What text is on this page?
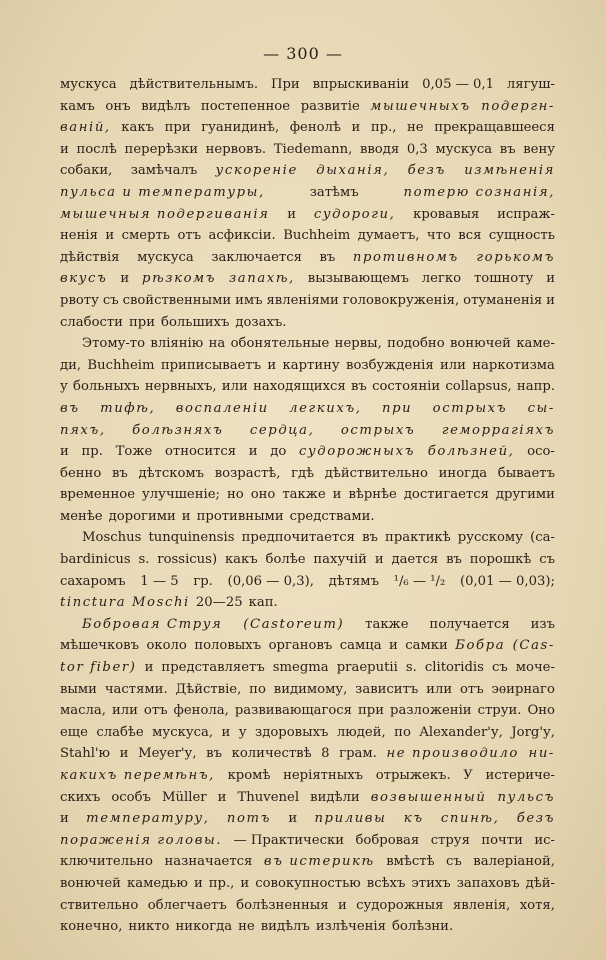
— 300 —
мускуса дѣйствительнымъ. При впрыскиваніи 0,05 — 0,1 лягуш-
камъ онъ видѣлъ постепенное развитіе мышечныхъ подергн-
ваній, какъ при гуанидинѣ, фенолѣ и пр., не прекращавшееся
и послѣ перерѣзки нервовъ. Tiedemann, вводя 0,3 мускуса въ вену
собаки, замѣчалъ ускореніе дыханія, безъ измѣненія
пульса и температуры,	затѣмъ	потерю сознанія,
мышечныя подергиванія и судороги, кровавыя испраж-
ненія и смерть отъ асфиксіи. Buchheim думаетъ, что вся сущность
дѣйствія мускуса заключается въ противномъ горькомъ
вкусъ и рѣзкомъ запахѣ, вызывающемъ легко тошноту и
рвоту съ свойственными имъ явленіями головокруженія, отуманенія и
слабости при большихъ дозахъ.
Этому-то вліянію на обонятельные нервы, подобно вонючей каме-
ди, Buchheim приписываетъ и картину возбужденія или наркотизма
у больныхъ нервныхъ, или находящихся въ состояніи collapsus, напр.
въ тифѣ, воспаленіи легкихъ, при острыхъ сы-
пяхъ, болѣзняхъ сердца, острыхъ геморрагіяхъ
и пр. Тоже относится и до судорожныхъ болѣзней, осо-
бенно въ дѣтскомъ возрастѣ, гдѣ дѣйствительно иногда бываетъ
временное улучшеніе; но оно также и вѣрнѣе достигается другими
менѣе дорогими и противными средствами.
Moschus tunquinensis предпочитается въ практикѣ русскому (са-
bardinicus s. rossicus) какъ болѣе пахучій и дается въ порошкѣ съ
сахаромъ 1 — 5 гр. (0,06 — 0,3), дѣтямъ ¹/₆ — ¹/₂ (0,01 — 0,03);
tinctura Moschi 20—25 кап.
Бобровая Струя (Castoreum) также получается изъ
мѣшечковъ около половыхъ органовъ самца и самки Бобра (Cas-
tor fiber) и представляетъ smegma praeputii s. clitoridis съ моче-
выми частями. Дѣйствіе, по видимому, зависитъ или отъ эѳирнаго
масла, или отъ фенола, развивающагося при разложеніи струи. Оно
еще слабѣе мускуса, и у здоровыхъ людей, по Alexander'у, Jorg'у,
Stahl'ю и Meyer'у, въ количествѣ 8 грам. не производило ни-
какихъ перемѣнъ, кромѣ неріятныхъ отрыжекъ. У истериче-
скихъ особъ Müller и Thuvenel видѣли возвышенный пульсъ
и температуру, потъ и приливы къ спинѣ, безъ
пораженія головы. — Практически бобровая струя почти ис-
ключительно назначается въ истерикѣ вмѣстѣ съ валеріаной,
вонючей камедью и пр., и совокупностью всѣхъ этихъ запаховъ дѣй-
ствительно облегчаетъ болѣзненныя и судорожныя явленія, хотя,
конечно, никто никогда не видѣлъ излѣченія болѣзни.
